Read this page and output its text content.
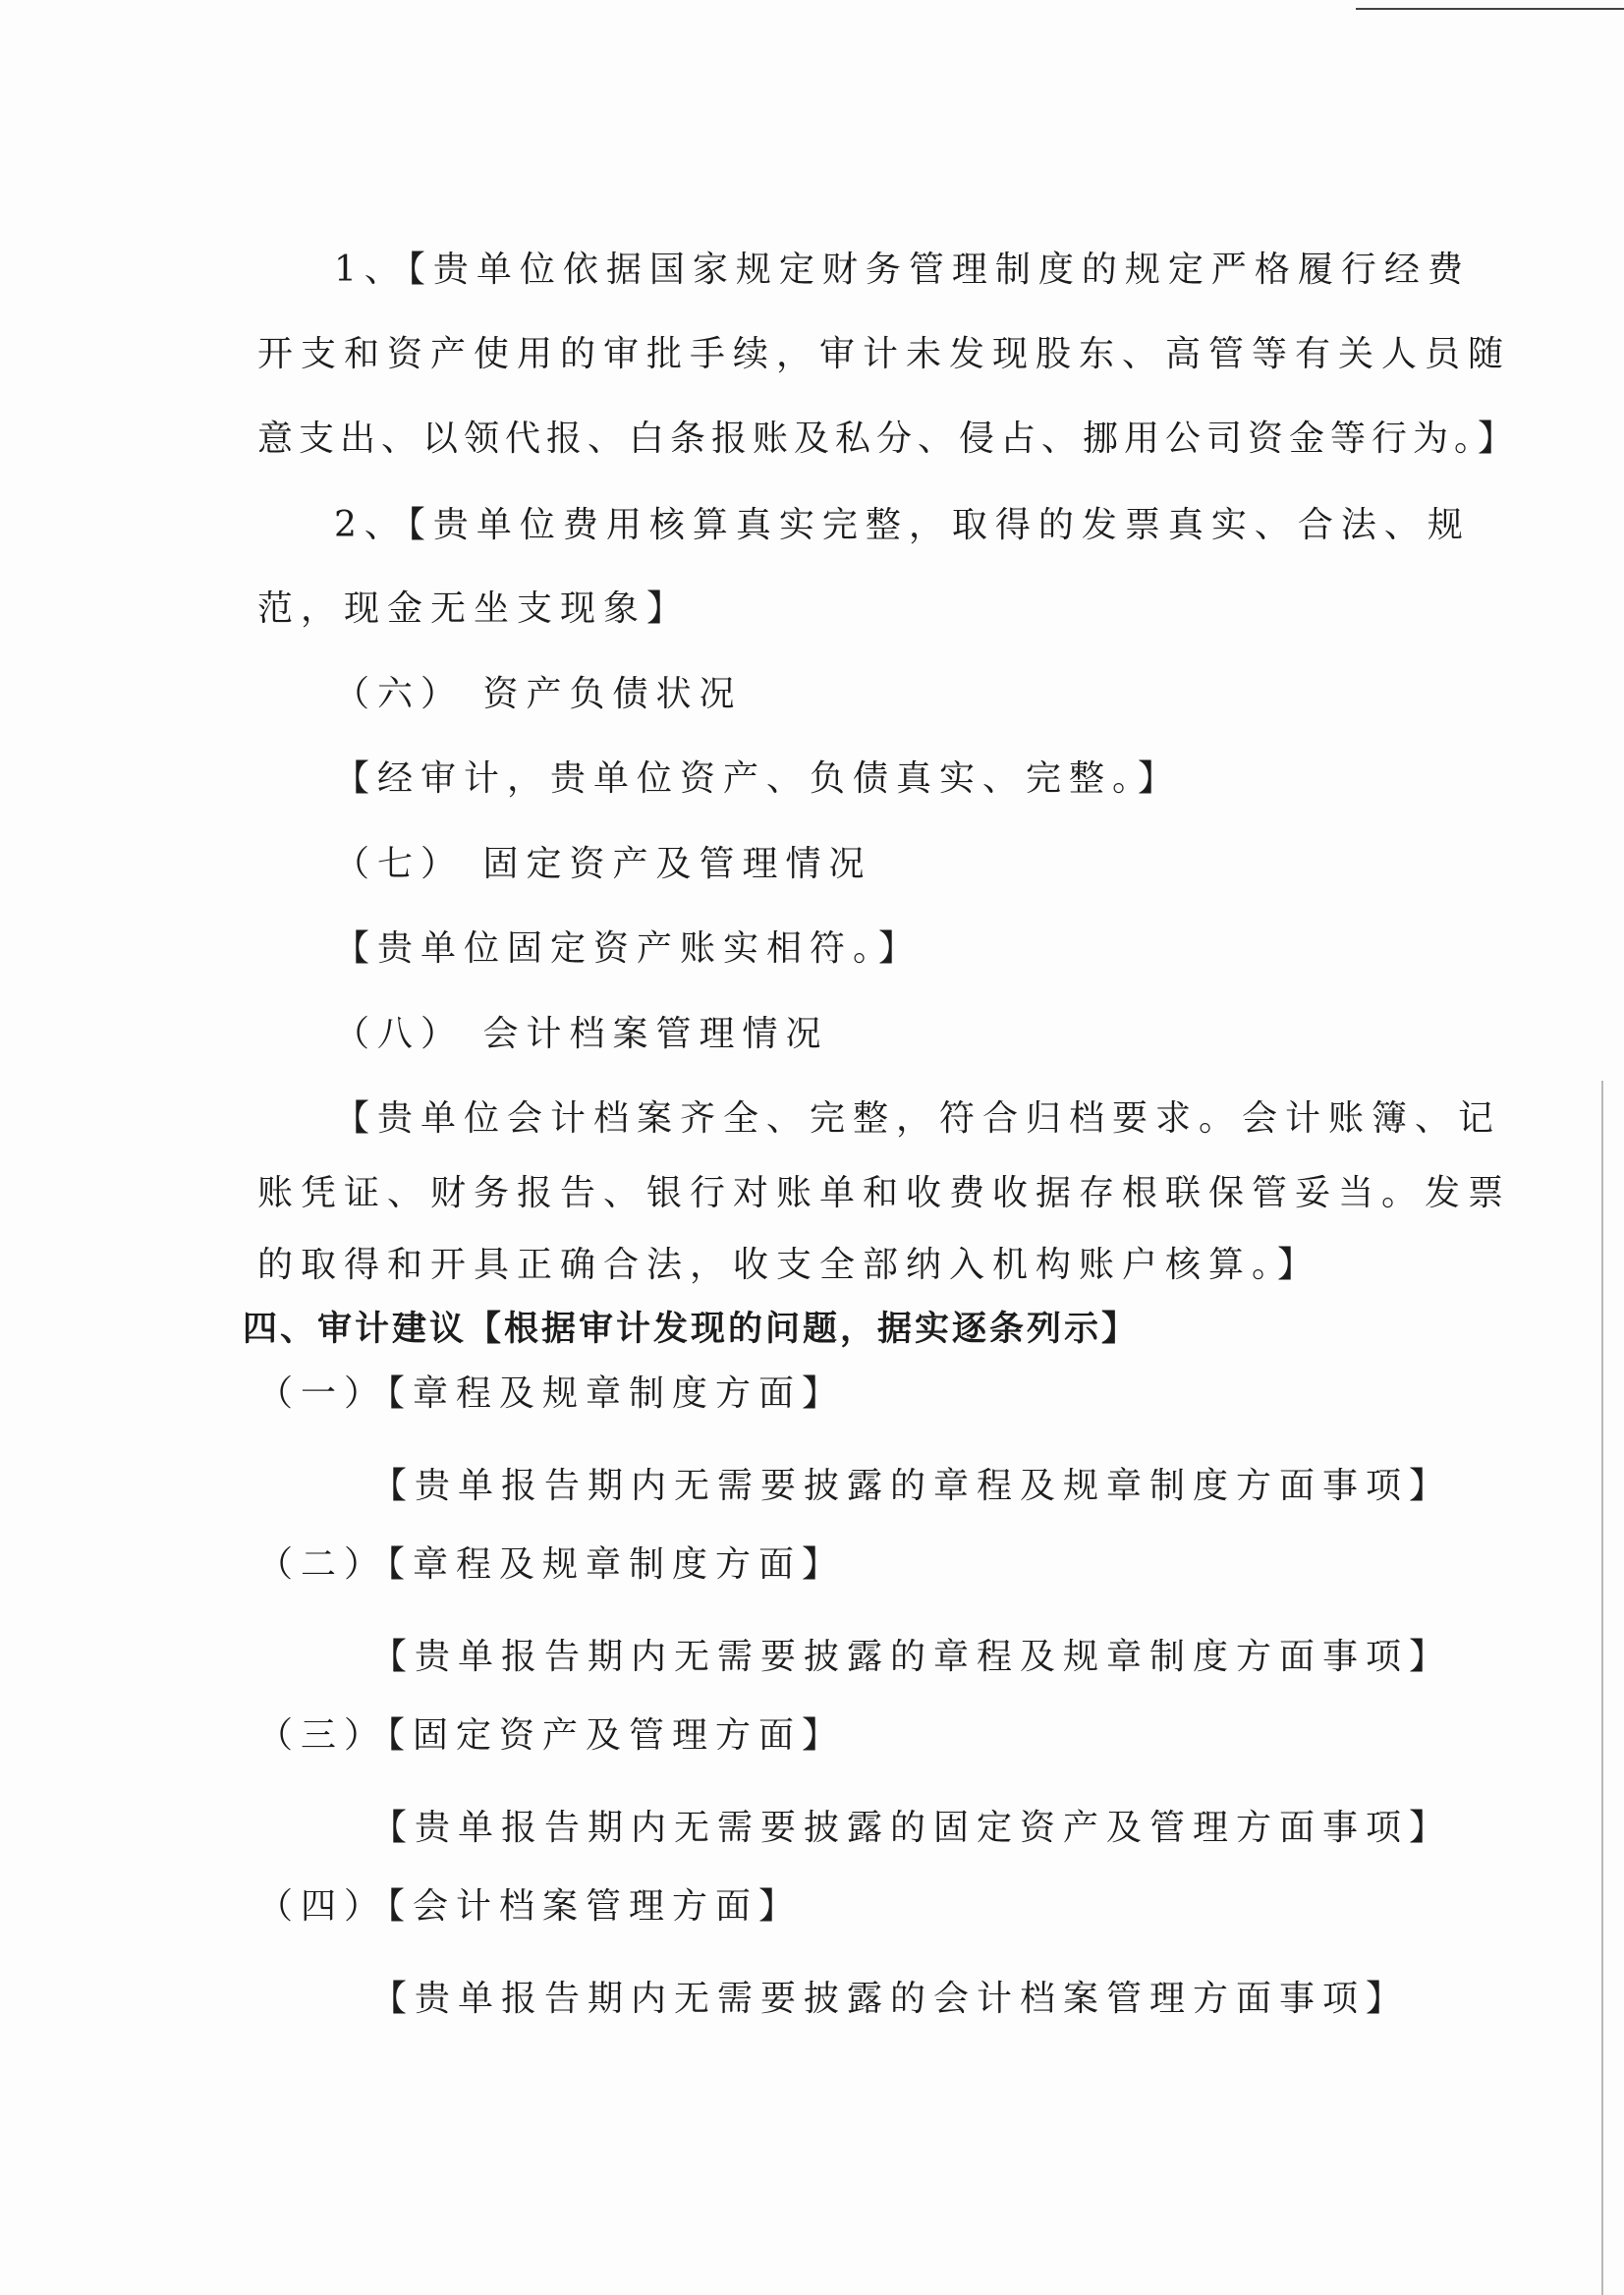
1、【贵单位依据国家规定财务管理制度的规定严格履行经费
开支和资产使用的审批手续，审计未发现股东、高管等有关人员随
意支出、以领代报、白条报账及私分、侵占、挪用公司资金等行为。】
2、【贵单位费用核算真实完整，取得的发票真实、合法、规
范，现金无坐支现象】
（六） 资产负债状况
【经审计，贵单位资产、负债真实、完整。】
（七） 固定资产及管理情况
【贵单位固定资产账实相符。】
（八） 会计档案管理情况
【贵单位会计档案齐全、完整，符合归档要求。会计账簿、记
账凭证、财务报告、银行对账单和收费收据存根联保管妥当。发票
的取得和开具正确合法，收支全部纳入机构账户核算。】
四、审计建议【根据审计发现的问题，据实逐条列示】
（一）【章程及规章制度方面】
【贵单报告期内无需要披露的章程及规章制度方面事项】
（二）【章程及规章制度方面】
【贵单报告期内无需要披露的章程及规章制度方面事项】
（三）【固定资产及管理方面】
【贵单报告期内无需要披露的固定资产及管理方面事项】
（四）【会计档案管理方面】
【贵单报告期内无需要披露的会计档案管理方面事项】
